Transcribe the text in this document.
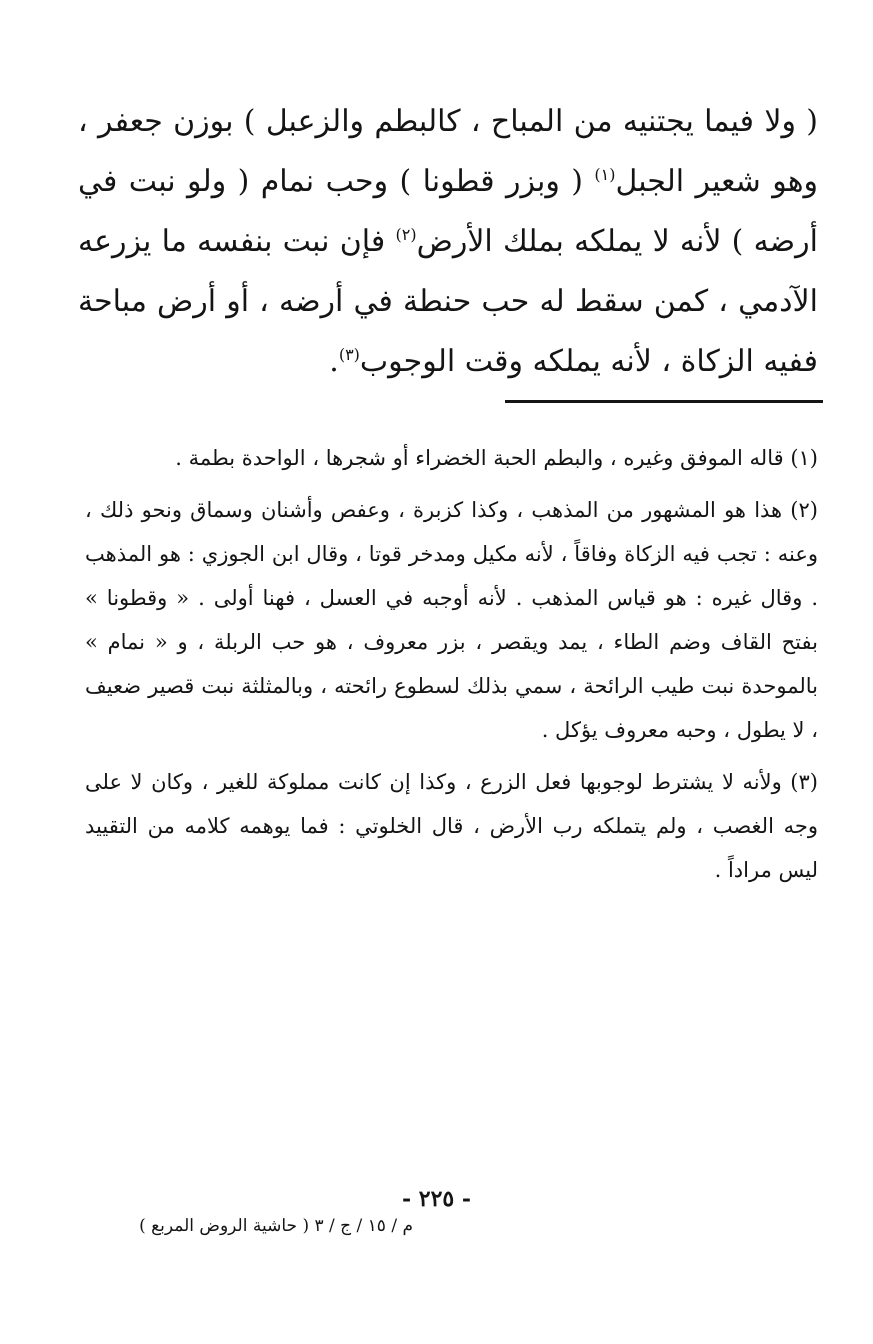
( ولا فيما يجتنيه من المباح ، كالبطم والزعبل ) بوزن جعفر ، وهو شعير الجبل$^{(١)}$ ( وبزر قطونا ) وحب نمام ( ولو نبت في أرضه ) لأنه لا يملكه بملك الأرض$^{(٢)}$ فإن نبت بنفسه ما يزرعه الآدمي ، كمن سقط له حب حنطة في أرضه ، أو أرض مباحة ففيه الزكاة ، لأنه يملكه وقت الوجوب$^{(٣)}$.

(١) قاله الموفق وغيره ، والبطم الحبة الخضراء أو شجرها ، الواحدة بطمة .

(٢) هذا هو المشهور من المذهب ، وكذا كزبرة ، وعفص وأشنان وسماق ونحو ذلك ، وعنه : تجب فيه الزكاة وفاقاً ، لأنه مكيل ومدخر قوتا ، وقال ابن الجوزي : هو المذهب . وقال غيره : هو قياس المذهب . لأنه أوجبه في العسل ، فهنا أولى . « وقطونا » بفتح القاف وضم الطاء ، يمد ويقصر ، بزر معروف ، هو حب الربلة ، و « نمام » بالموحدة نبت طيب الرائحة ، سمي بذلك لسطوع رائحته ، وبالمثلثة نبت قصير ضعيف ، لا يطول ، وحبه معروف يؤكل .

(٣) ولأنه لا يشترط لوجوبها فعل الزرع ، وكذا إن كانت مملوكة للغير ، وكان لا على وجه الغصب ، ولم يتملكه رب الأرض ، قال الخلوتي : فما يوهمه كلامه من التقييد ليس مراداً .

- ٢٢٥ -
م / ١٥ / ج / ٣ ( حاشية الروض المربع )
